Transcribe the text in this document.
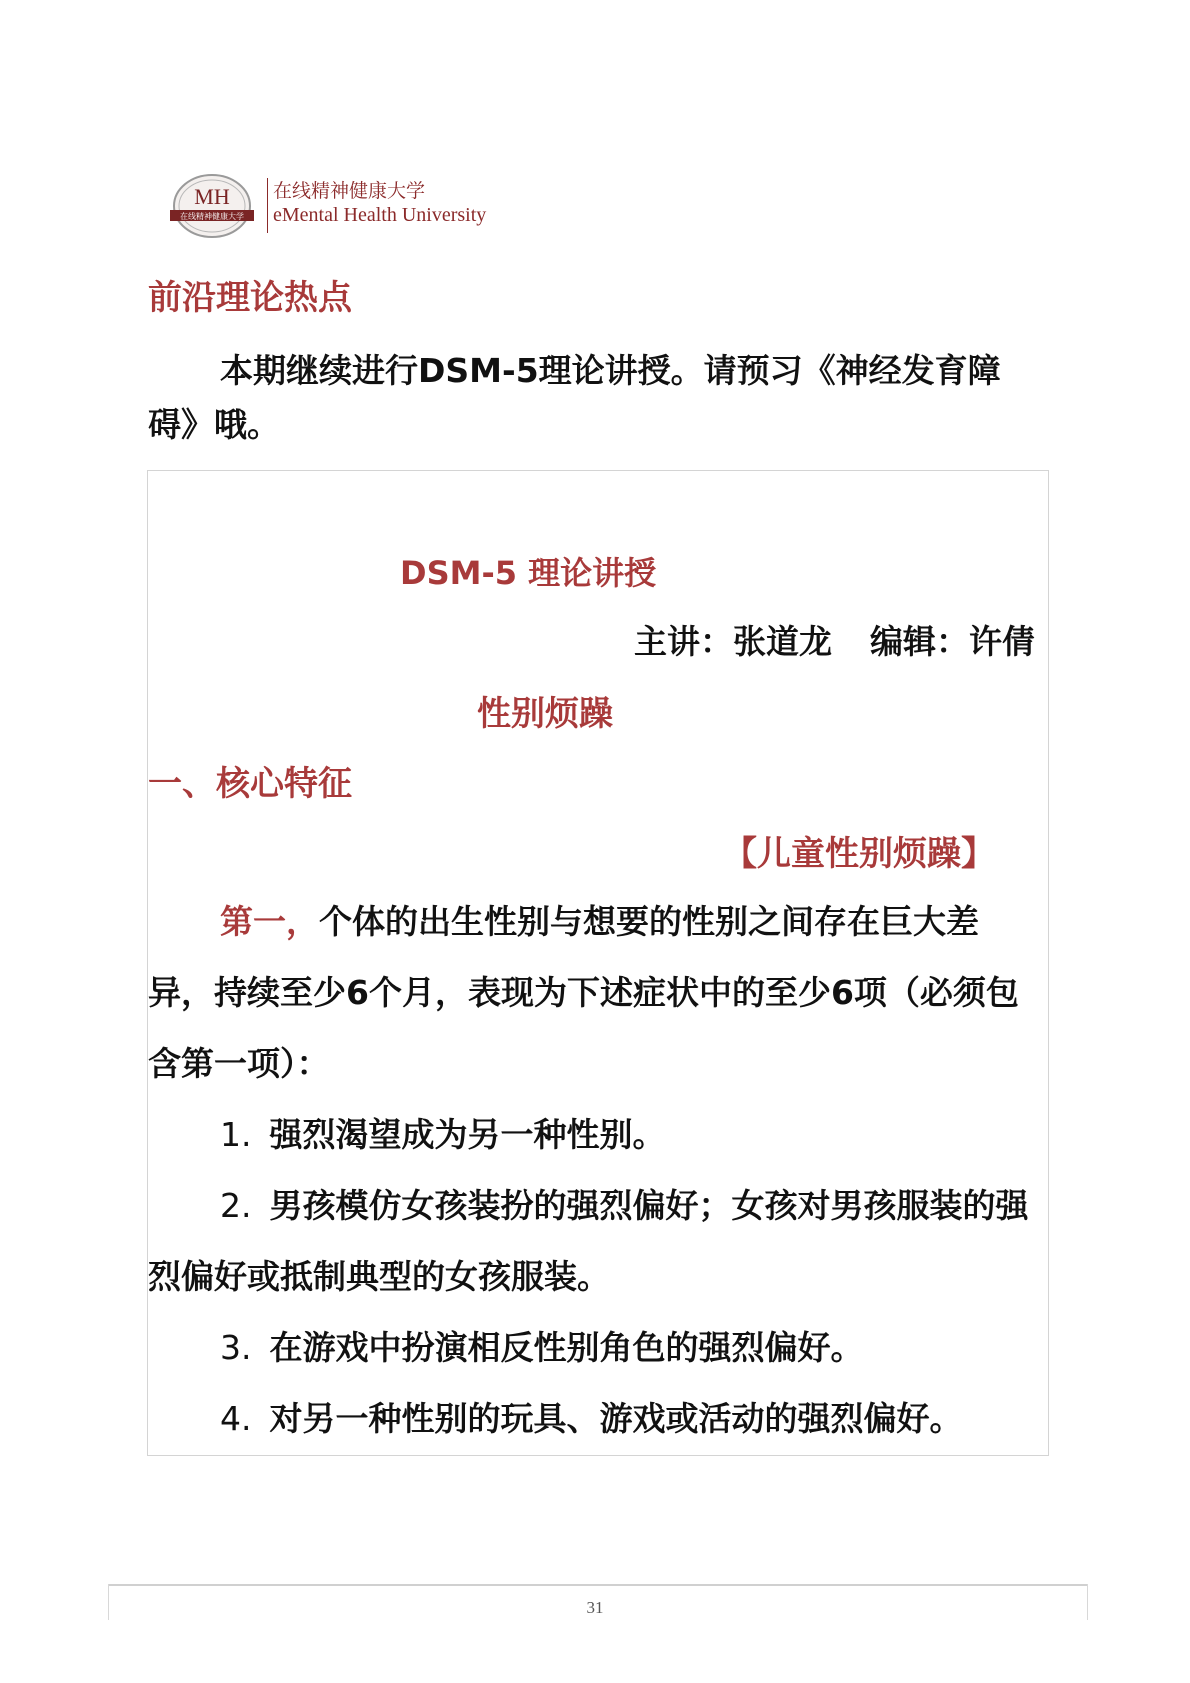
MH
在线精神健康大学
在线精神健康大学
eMental Health University
前沿理论热点
本期继续进行DSM-5理论讲授。请预习《神经发育障碍》哦。
DSM-5 理论讲授
主讲：张道龙 编辑：许倩
性别烦躁
一、核心特征
【儿童性别烦躁】

第一，个体的出生性别与想要的性别之间存在巨大差异，持续至少6个月，表现为下述症状中的至少6项（必须包含第一项）：

1. 强烈渴望成为另一种性别。

2. 男孩模仿女孩装扮的强烈偏好；女孩对男孩服装的强烈偏好或抵制典型的女孩服装。

3. 在游戏中扮演相反性别角色的强烈偏好。

4. 对另一种性别的玩具、游戏或活动的强烈偏好。

31
